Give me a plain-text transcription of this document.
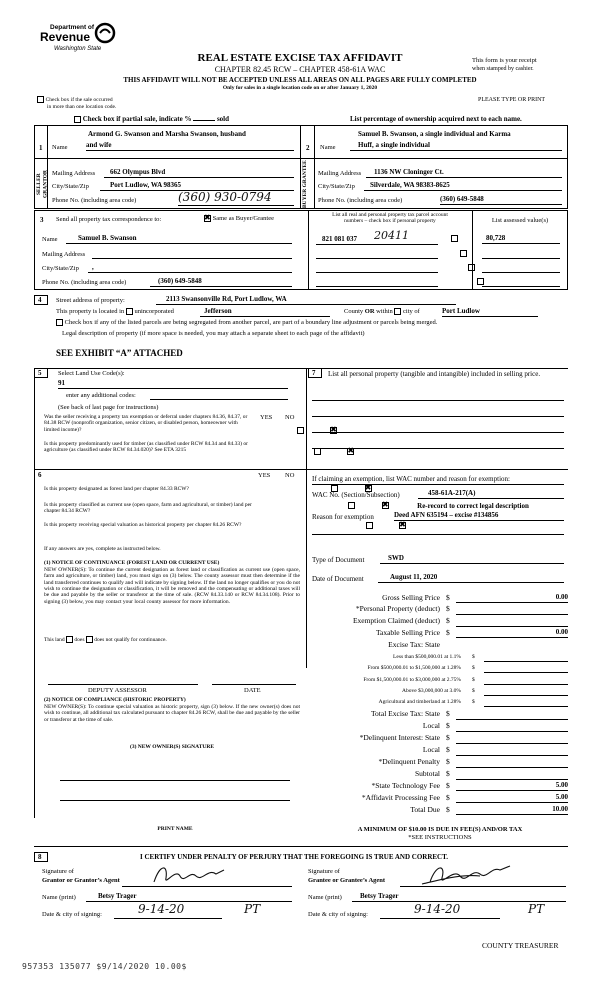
Department of
Revenue
Washington State
REAL ESTATE EXCISE TAX AFFIDAVIT
CHAPTER 82.45 RCW – CHAPTER 458-61A WAC
THIS AFFIDAVIT WILL NOT BE ACCEPTED UNLESS ALL AREAS ON ALL PAGES ARE FULLY COMPLETED
Only for sales in a single location code on or after January 1, 2020
This form is your receipt
when stamped by cashier.
PLEASE TYPE OR PRINT
Check box if the sale occurred
in more than one location code.
Check box if partial sale, indicate %	sold	List percentage of ownership acquired next to each name.
1 Name
Armond G. Swanson and Marsha Swanson, husband
and wife
SELLER GRANTOR Mailing Address	662 Olympus Blvd
City/State/Zip	Port Ludlow, WA 98365
Phone No. (including area code)	(360) 930-0794
2 Name
Samuel B. Swanson, a single individual and Karma
Huff, a single individual
BUYER GRANTEE	Mailing Address	1136 NW Cloninger Ct.
City/State/Zip	Silverdale, WA 98383-8625
Phone No. (including area code)	(360) 649-5848
3 Send all property tax correspondence to:
✖	Same as Buyer/Grantee
Name	Samuel B. Swanson
Mailing Address
City/State/Zip	,
Phone No. (including area code)	(360) 649-5848
List all real and personal property tax parcel account
numbers – check box if personal property	List assessed value(s)
821 081 037 20411
	80,728

4 Street address of property:	2113 Swansonville Rd, Port Ludlow, WA
This property is located in unincorporated	Jefferson	County OR within city of	Port Ludlow
Check box if any of the listed parcels are being segregated from another parcel, are part of a boundary line adjustment or parcels being merged.
Legal description of property (if more space is needed, you may attach a separate sheet to each page of the affidavit)
SEE EXHIBIT “A” ATTACHED
5	Select Land Use Code(s):
91
enter any additional codes:
(See back of last page for instructions)
YES NO
Was the seller receiving a property tax exemption or deferral under chapters 84.36, 84.37, or 84.38 RCW (nonprofit organization, senior citizen, or disabled person, homeowner with limited income)?
✖
Is this property predominantly used for timber (as classified under RCW 84.34 and 84.33) or agriculture (as classified under RCW 84.34.020)? See ETA 3215
✖
6	YES NO
Is this property designated as forest land per chapter 84.33 RCW?
✖
Is this property classified as current use (open space, farm and agricultural, or timber) land per chapter 84.34 RCW?
✖
Is this property receiving special valuation as historical property per chapter 84.26 RCW?
✖
If any answers are yes, complete as instructed below.
(1) NOTICE OF CONTINUANCE (FOREST LAND OR CURRENT USE)
NEW OWNER(S): To continue the current designation as forest land or classification as current use (open space, farm and agriculture, or timber) land, you must sign on (3) below. The county assessor must then determine if the land transferred continues to qualify and will indicate by signing below. If the land no longer qualifies or you do not wish to continue the designation or classification, it will be removed and the compensating or additional taxes will be due and payable by the seller or transferor at the time of sale. (RCW 84.33.140 or RCW 84.34.108). Prior to signing (3) below, you may contact your local county assessor for more information.
This land does does not qualify for continuance.
DEPUTY ASSESSOR	DATE
(2) NOTICE OF COMPLIANCE (HISTORIC PROPERTY)
NEW OWNER(S): To continue special valuation as historic property, sign (3) below. If the new owner(s) does not wish to continue, all additional tax calculated pursuant to chapter 84.26 RCW, shall be due and payable by the seller or transferor at the time of sale.
(3) NEW OWNER(S) SIGNATURE
PRINT NAME
7 List all personal property (tangible and intangible) included in selling price.
If claiming an exemption, list WAC number and reason for exemption:
WAC No. (Section/Subsection)	458-61A-217(A)
Reason for exemption
Re-record to correct legal description
Deed AFN 635194 – excise #134856
Type of Document	SWD
Date of Document	August 11, 2020
Gross Selling Price $	0.00
*Personal Property (deduct) $
Exemption Claimed (deduct) $
Taxable Selling Price $	0.00
Excise Tax: State
Less than $500,000.01 at 1.1% $
From $500,000.01 to $1,500,000 at 1.28% $
From $1,500,000.01 to $3,000,000 at 2.75% $
Above $3,000,000 at 3.0% $
Agricultural and timberland at 1.28% $
Total Excise Tax: State $
Local $
*Delinquent Interest: State $
Local $
*Delinquent Penalty $
Subtotal $
*State Technology Fee $	5.00
*Affidavit Processing Fee $	5.00
Total Due $	10.00
A MINIMUM OF $10.00 IS DUE IN FEE(S) AND/OR TAX
*SEE INSTRUCTIONS
8	I CERTIFY UNDER PENALTY OF PERJURY THAT THE FOREGOING IS TRUE AND CORRECT.
Signature of
Grantor or Grantor’s Agent
Name (print)	Betsy Trager
Date & city of signing:	9-14-20	PT
Signature of
Grantee or Grantee’s Agent
Name (print)	Betsy Trager
Date & city of signing:	9-14-20	PT
COUNTY TREASURER
957353 135077 $9/14/2020 10.00$
